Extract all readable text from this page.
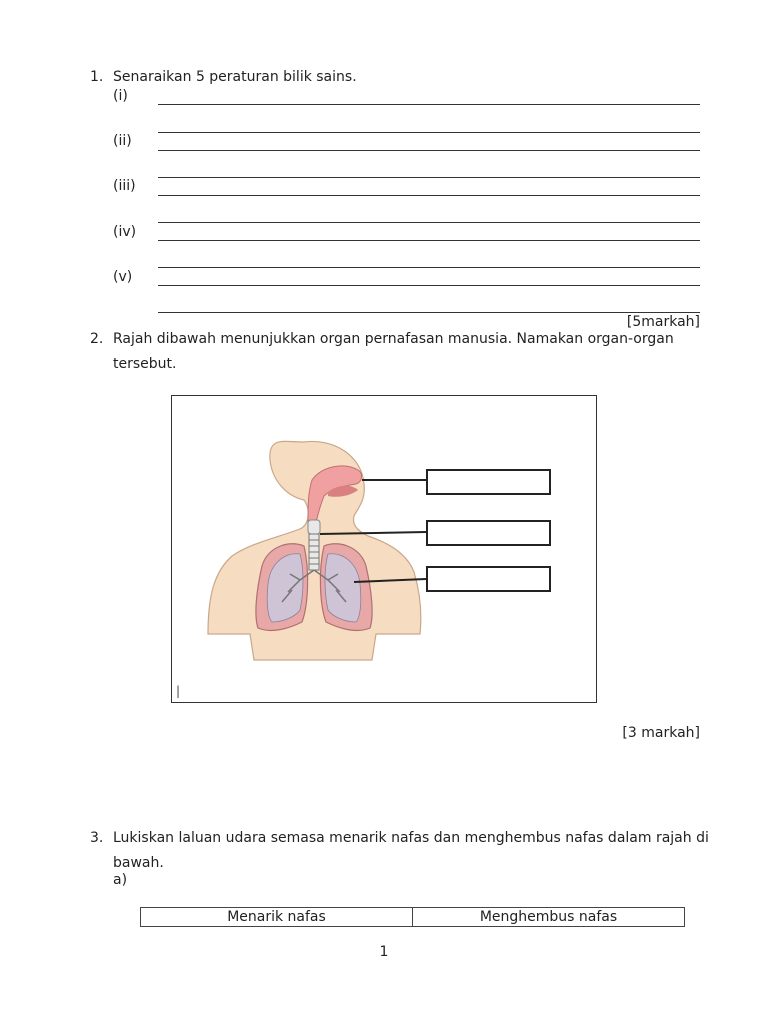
1. Senaraikan 5 peraturan bilik sains.
(i)
(ii)
(iii)
(iv)
(v)
[5markah]
2. Rajah dibawah menunjukkan organ pernafasan manusia. Namakan organ-organ
tersebut.
|
[3 markah]
3. Lukiskan laluan udara semasa menarik nafas dan menghembus nafas dalam rajah di
bawah.
a)
Menarik nafas	Menghembus nafas
1
